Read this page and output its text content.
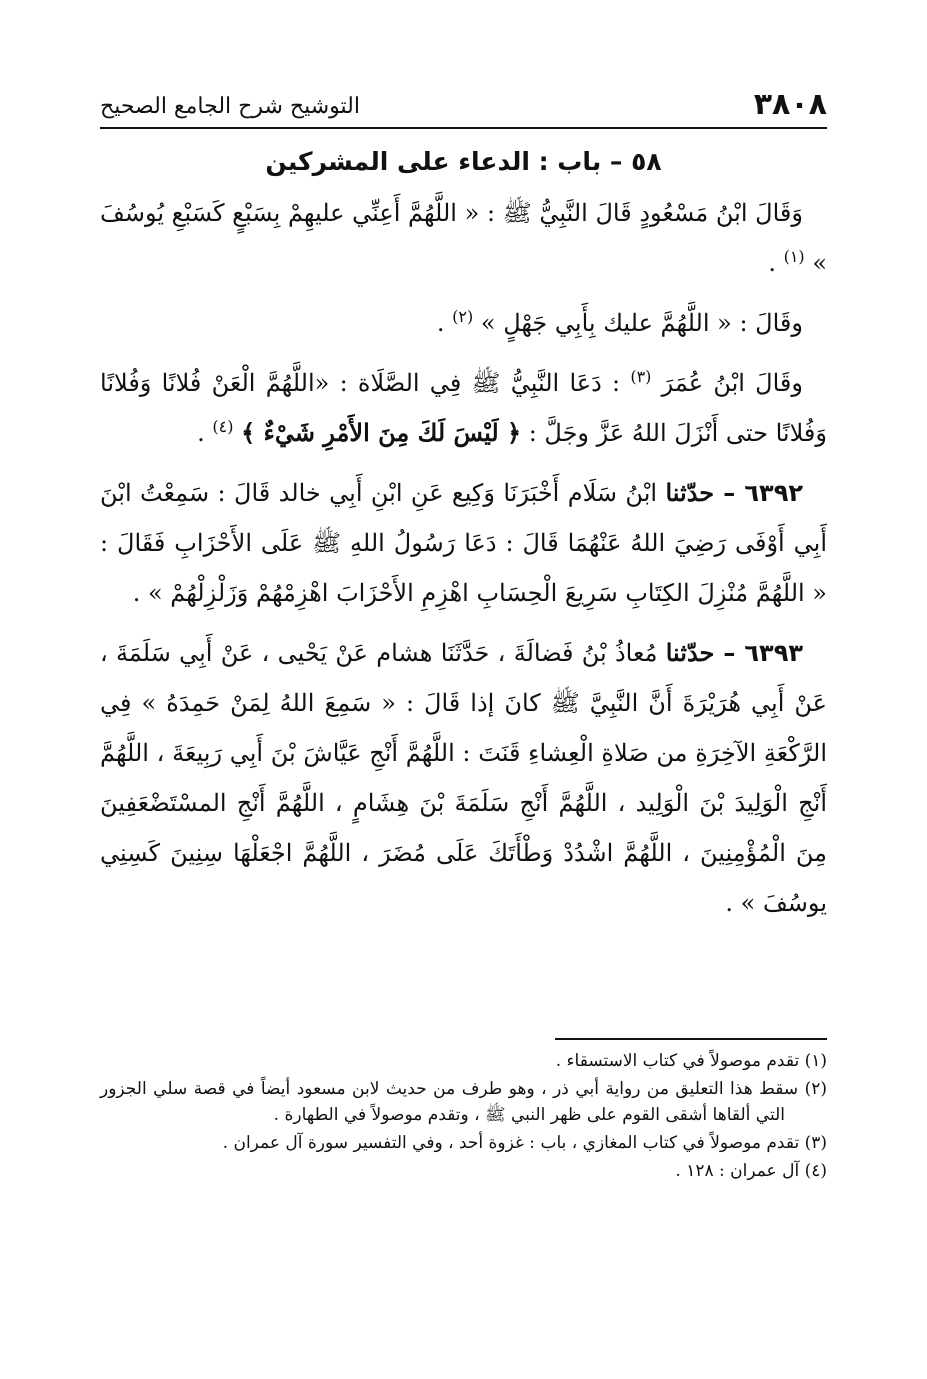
٣٨٠٨
التوشيح شرح الجامع الصحيح
٥٨ – باب : الدعاء على المشركين

وَقَالَ ابْنُ مَسْعُودٍ قَالَ النَّبِيُّ ﷺ : « اللَّهُمَّ أَعِنِّي عليهِمْ بِسَبْعٍ كَسَبْعِ يُوسُفَ » $^{(١)}$ .

وقَالَ : « اللَّهُمَّ عليك بِأَبِي جَهْلٍ » $^{(٢)}$ .

وقَالَ ابْنُ عُمَرَ $^{(٣)}$ : دَعَا النَّبِيُّ ﷺ فِي الصَّلَاة : «اللَّهُمَّ الْعَنْ فُلانًا وَفُلانًا وَفُلانًا حتى أَنْزَلَ اللهُ عَزَّ وجَلَّ : ﴿ لَيْسَ لَكَ مِنَ الأَمْرِ شَيْءٌ ﴾ $^{(٤)}$ .

٦٣٩٢ – حدّثنا ابْنُ سَلَام أَخْبَرَنَا وَكِيع عَنِ ابْنِ أَبِي خالد قَالَ : سَمِعْتُ ابْنَ أَبِي أَوْفَى رَضِيَ اللهُ عَنْهُمَا قَالَ : دَعَا رَسُولُ اللهِ ﷺ عَلَى الأَحْزَابِ فَقَالَ : « اللَّهُمَّ مُنْزِلَ الكِتَابِ سَرِيعَ الْحِسَابِ اهْزِمِ الأَحْزَابَ اهْزِمْهُمْ وَزَلْزِلْهُمْ » .

٦٣٩٣ – حدّثنا مُعاذُ بْنُ فَضالَةَ ، حَدَّثَنَا هشام عَنْ يَحْيى ، عَنْ أَبِي سَلَمَةَ ، عَنْ أَبِي هُرَيْرَةَ أَنَّ النَّبِيَّ ﷺ كانَ إذا قَالَ : « سَمِعَ اللهُ لِمَنْ حَمِدَهُ » فِي الرَّكْعَةِ الآخِرَةِ من صَلاةِ الْعِشاءِ قَنَتَ : اللَّهُمَّ أَنْجِ عَيَّاشَ بْنَ أَبِي رَبِيعَةَ ، اللَّهُمَّ أَنْجِ الْوَلِيدَ بْنَ الْوَلِيد ، اللَّهُمَّ أَنْجِ سَلَمَةَ بْنَ هِشَامٍ ، اللَّهُمَّ أَنْجِ المسْتَضْعَفِينَ مِنَ الْمُؤْمِنِينَ ، اللَّهُمَّ اشْدُدْ وَطْأَتَكَ عَلَى مُضَرَ ، اللَّهُمَّ اجْعَلْهَا سِنِينَ كَسِنِي يوسُفَ » .

(١) تقدم موصولاً في كتاب الاستسقاء .

(٢) سقط هذا التعليق من رواية أبي ذر ، وهو طرف من حديث لابن مسعود أيضاً في قصة سلي الجزور التي ألقاها أشقى القوم على ظهر النبي ﷺ ، وتقدم موصولاً في الطهارة .

(٣) تقدم موصولاً في كتاب المغازي ، باب : غزوة أحد ، وفي التفسير سورة آل عمران .

(٤) آل عمران : ١٢٨ .
